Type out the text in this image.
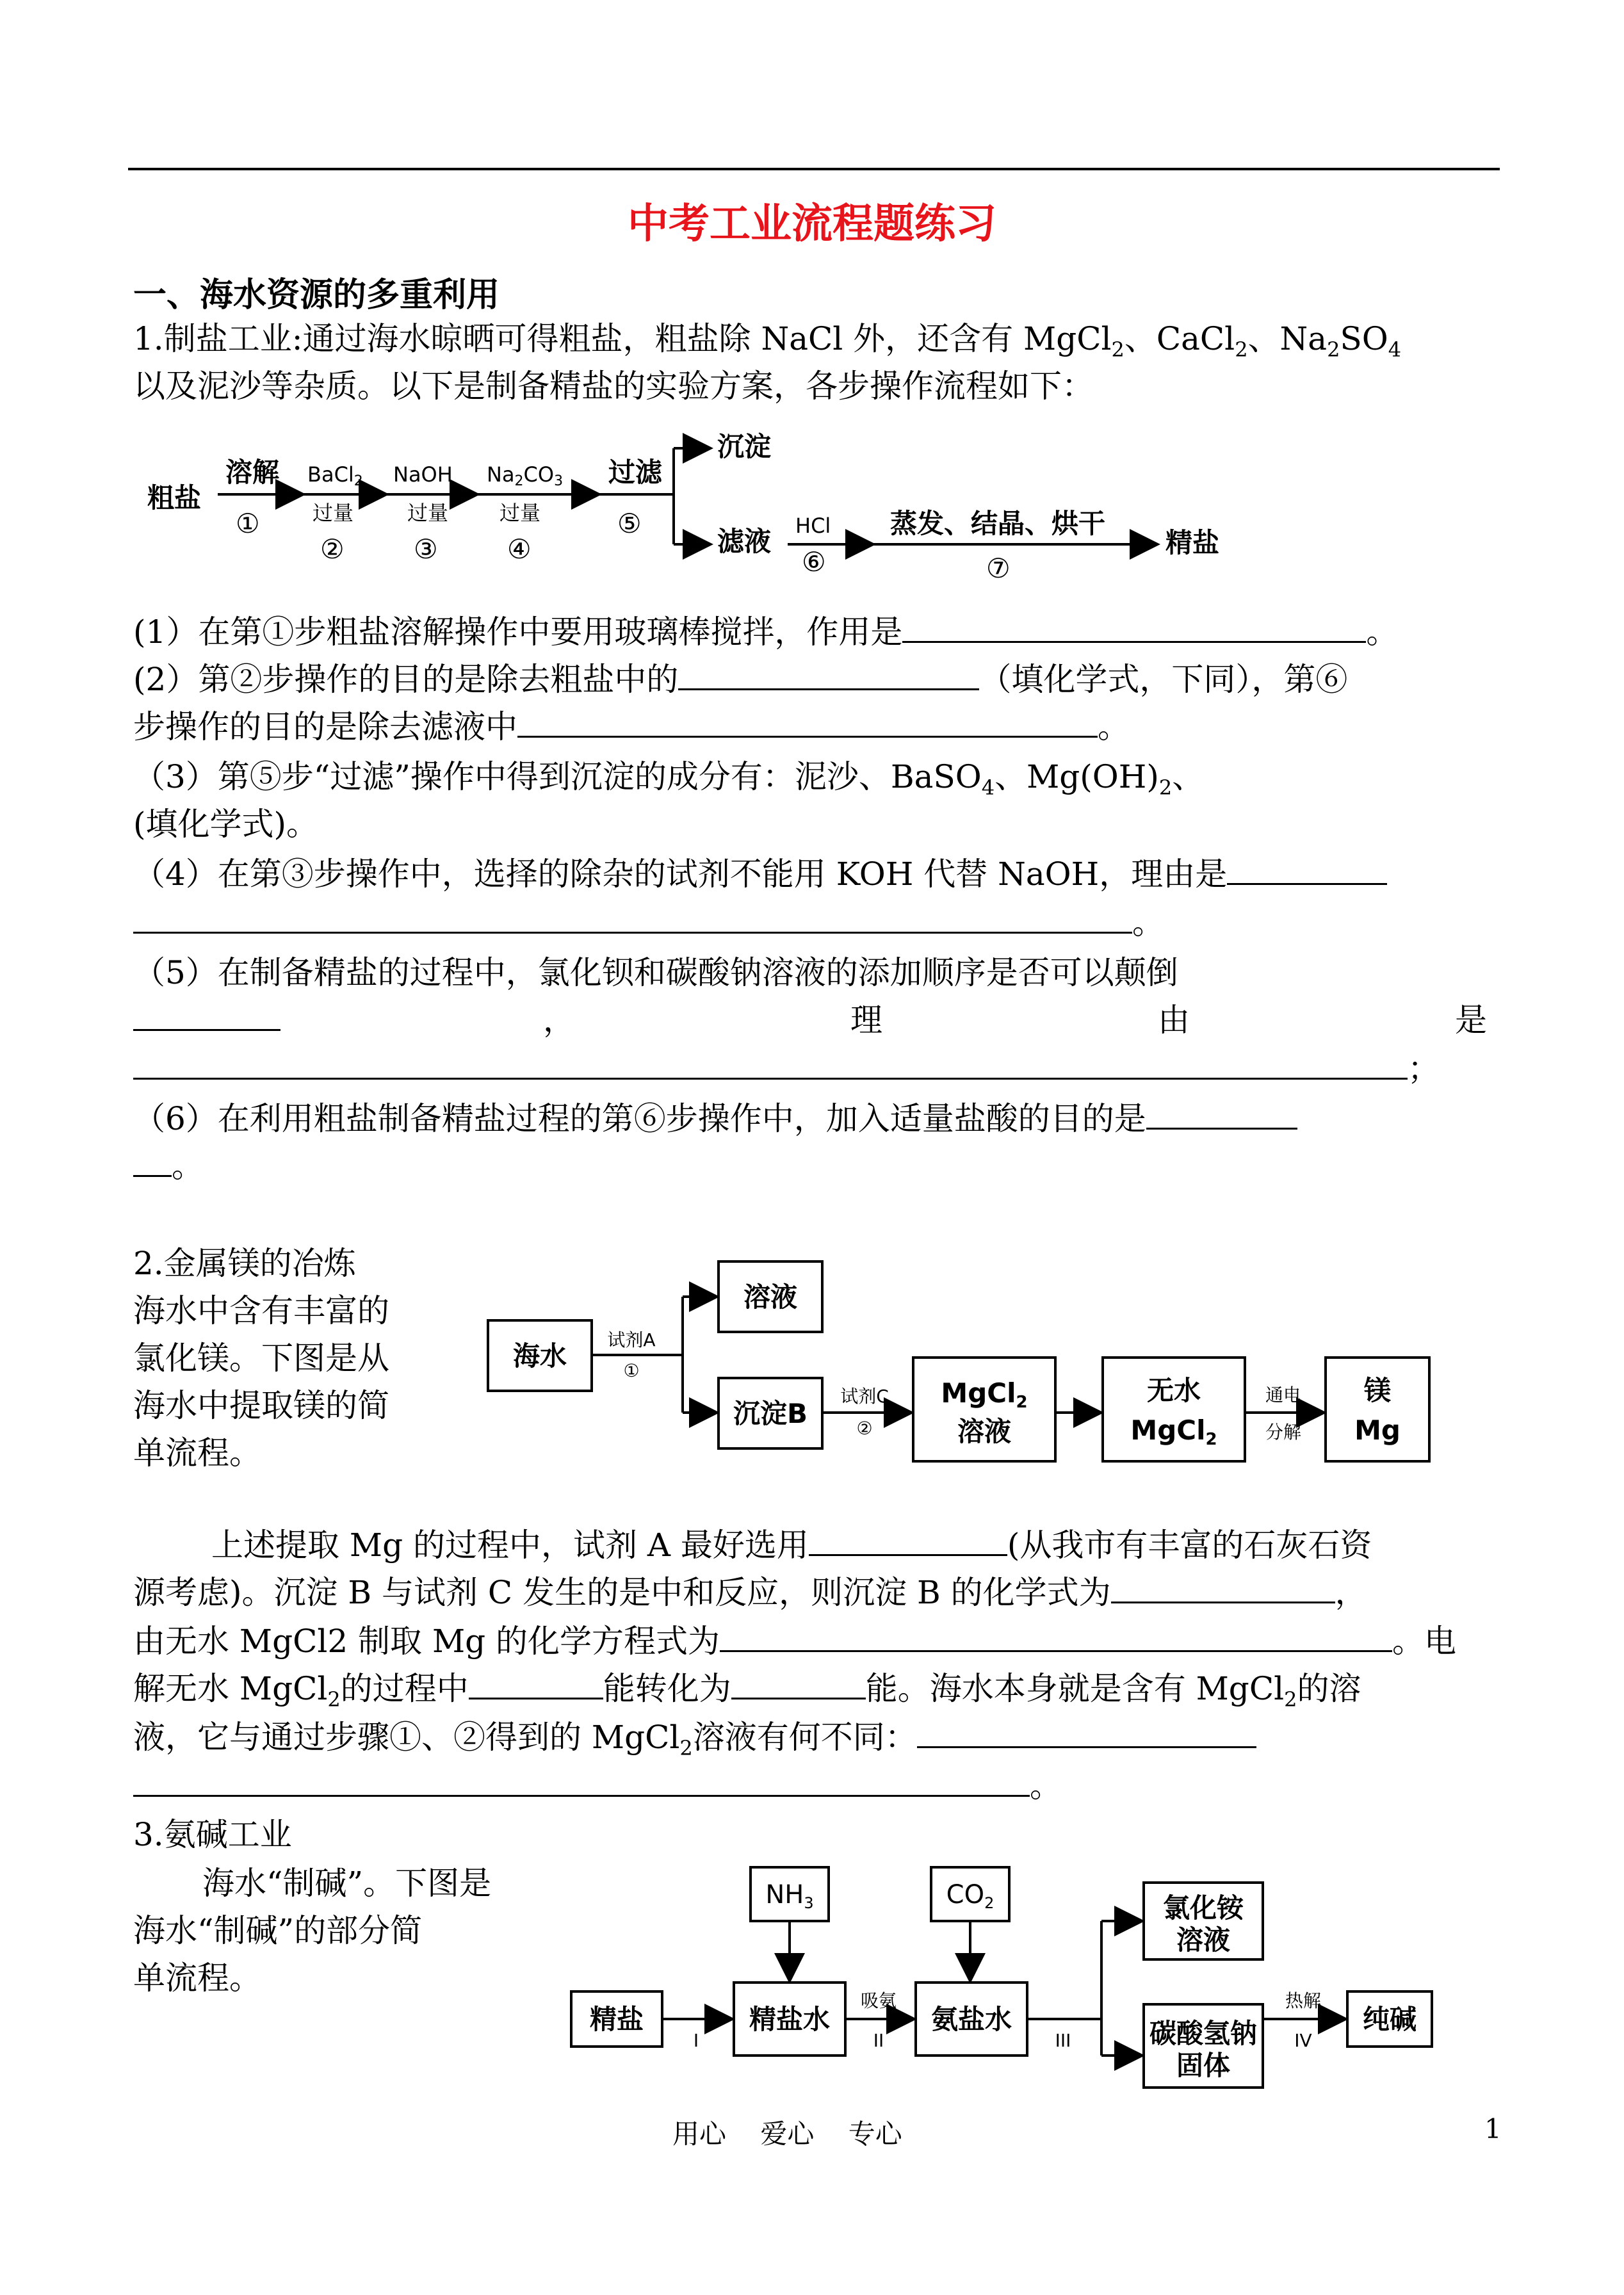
中考工业流程题练习
一、海水资源的多重利用
1.制盐工业:通过海水晾晒可得粗盐，粗盐除 NaCl 外，还含有 MgCl$_2$、CaCl$_2$、$Na_2SO_4$
以及泥沙等杂质。以下是制备精盐的实验方案，各步操作流程如下：
粗盐
溶解	过滤
沉淀
滤液
蒸发、结晶、烘干
精盐
BaCl2 NaOH Na2CO3
HCl
过量	过量 过量
①
②	③	④
⑤
⑥	⑦
(1）在第①步粗盐溶解操作中要用玻璃棒搅拌，作用是	。
(2）第②步操作的目的是除去粗盐中的	（填化学式，下同），第⑥
步操作的目的是除去滤液中	。
（3）第⑤步“过滤”操作中得到沉淀的成分有：泥沙、BaSO$_4$、$Mg(OH)_2$、
(填化学式)。
（4）在第③步操作中，选择的除杂的试剂不能用 KOH 代替 NaOH，理由是
。
（5）在制备精盐的过程中，氯化钡和碳酸钠溶液的添加顺序是否可以颠倒
，	理	由	是
；
（6）在利用粗盐制备精盐过程的第⑥步操作中，加入适量盐酸的目的是
。
2.金属镁的冶炼
海水中含有丰富的
氯化镁。下图是从
海水中提取镁的简
单流程。
海水
溶液
沉淀B
MgCl2
溶液
无水
MgCl2
镁
Mg
试剂A
①
试剂C
②
通电
分解
上述提取 Mg 的过程中，试剂 A 最好选用	(从我市有丰富的石灰石资
源考虑)。沉淀 B 与试剂 C 发生的是中和反应，则沉淀 B 的化学式为	，
由无水 MgCl2 制取 Mg 的化学方程式为	。电
解无水 MgCl$_2$的过程中	能转化为	能。海水本身就是含有 MgCl$_2$的溶
液，它与通过步骤①、②得到的 MgCl$_2$溶液有何不同：
。
3.氨碱工业
海水“制碱”。下图是
海水“制碱”的部分简
单流程。
$NH_3$	$CO_2$
精盐	精盐水	氨盐水
氯化铵
溶液
碳酸氢钠
固体
纯碱
I
吸氨
II	III
热解
IV
用心    爱心    专心	1
